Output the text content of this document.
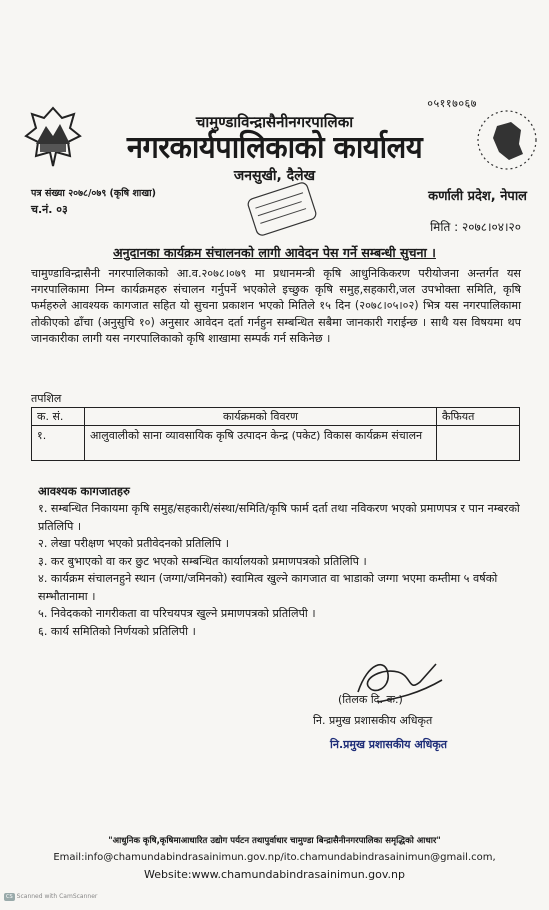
०५११७०६७
चामुण्डाविन्द्रासैनीनगरपालिका
नगरकार्यपालिकाको कार्यालय
जनसुखी, दैलेख
पत्र संख्या २०७८/०७९ (कृषि शाखा)
च.नं. ०३
कर्णाली प्रदेश, नेपाल
मिति : २०७८।०४।२०
अनुदानका कार्यक्रम संचालनको लागी आवेदन पेस गर्ने सम्बन्धी सुचना ।

चामुण्डाविन्द्रासैनी नगरपालिकाको आ.व.२०७८।०७९ मा प्रधानमन्त्री कृषि आधुनिकिकरण परीयोजना अन्तर्गत यस नगरपालिकामा निम्न कार्यक्रमहरु संचालन गर्नुपर्ने भएकोले इच्छुक कृषि समुह,सहकारी,जल उपभोक्ता समिति, कृषि फर्महरुले आवश्यक कागजात सहित यो सुचना प्रकाशन भएको मितिले १५ दिन (२०७८।०५।०२) भित्र यस नगरपालिकामा तोकीएको ढाँचा (अनुसुचि १०) अनुसार आवेदन दर्ता गर्नहुन सम्बन्धित सबैमा जानकारी गराईन्छ । साथै यस विषयमा थप जानकारीका लागी यस नगरपालिकाको कृषि शाखामा सम्पर्क गर्न सकिनेछ ।

तपशिल
क. सं.	कार्यक्रमको विवरण	कैफियत
१.	आलुवालीको साना व्यावसायिक कृषि उत्पादन केन्द्र (पकेट) विकास कार्यक्रम संचालन	
आवश्यक कागजातहरु
१. सम्बन्धित निकायमा कृषि समुह/सहकारी/संस्था/समिति/कृषि फार्म दर्ता तथा नविकरण भएको प्रमाणपत्र र पान नम्बरको प्रतिलिपि ।
२. लेखा परीक्षण भएको प्रतीवेदनको प्रतिलिपि ।
३. कर बुभाएको वा कर छुट भएको सम्बन्धित कार्यालयको प्रमाणपत्रको प्रतिलिपि ।
४. कार्यक्रम संचालनहुने स्थान (जग्गा/जमिनको) स्वामित्व खुल्ने कागजात वा भाडाको जग्गा भएमा कम्तीमा ५ वर्षको सम्भौतानामा ।
५. निवेदकको नागरीकता वा परिचयपत्र खुल्ने प्रमाणपत्रको प्रतिलिपी ।
६. कार्य समितिको निर्णयको प्रतिलिपी ।
(तिलक दि. क.)
नि. प्रमुख प्रशासकीय अधिकृत
नि.प्रमुख प्रशासकीय अधिकृत
"आधुनिक कृषि,कृषिमाआधारित उद्योग पर्यटन तथापुर्वाधार चामुण्डा बिन्द्रासैनीनगरपालिका समृद्धिको आधार"
Email:info@chamundabindrasainimun.gov.np/ito.chamundabindrasainimun@gmail.com,
Website:www.chamundabindrasainimun.gov.np
CS Scanned with CamScanner
